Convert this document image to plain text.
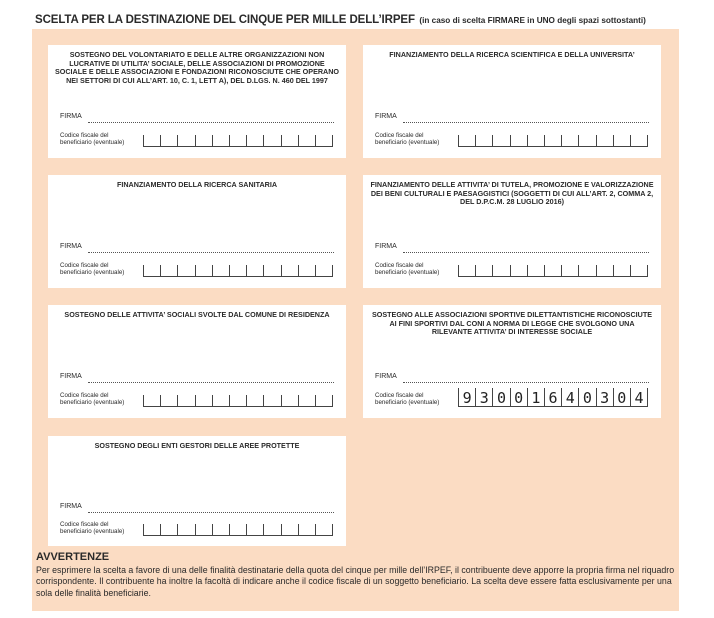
SCELTA PER LA DESTINAZIONE DEL CINQUE PER MILLE DELL’IRPEF (in caso di scelta FIRMARE in UNO degli spazi sottostanti)
SOSTEGNO DEL VOLONTARIATO E DELLE ALTRE ORGANIZZAZIONI NON LUCRATIVE DI UTILITA’ SOCIALE, DELLE ASSOCIAZIONI DI PROMOZIONE SOCIALE E DELLE ASSOCIAZIONI E FONDAZIONI RICONOSCIUTE CHE OPERANO NEI SETTORI DI CUI ALL’ART. 10, C. 1, LETT A), DEL D.LGS. N. 460 DEL 1997
FIRMA
Codice fiscale del beneficiario (eventuale)
FINANZIAMENTO DELLA RICERCA SCIENTIFICA E DELLA UNIVERSITA’
FIRMA
Codice fiscale del beneficiario (eventuale)
FINANZIAMENTO DELLA RICERCA SANITARIA
FIRMA
Codice fiscale del beneficiario (eventuale)
FINANZIAMENTO DELLE ATTIVITA’ DI TUTELA, PROMOZIONE E VALORIZZAZIONE DEI BENI CULTURALI E PAESAGGISTICI (SOGGETTI DI CUI ALL’ART. 2, COMMA 2, DEL D.P.C.M. 28 LUGLIO 2016)
FIRMA
Codice fiscale del beneficiario (eventuale)
SOSTEGNO DELLE ATTIVITA’ SOCIALI SVOLTE DAL COMUNE DI RESIDENZA
FIRMA
Codice fiscale del beneficiario (eventuale)
SOSTEGNO ALLE ASSOCIAZIONI SPORTIVE DILETTANTISTICHE RICONOSCIUTE AI FINI SPORTIVI DAL CONI A NORMA DI LEGGE CHE SVOLGONO UNA RILEVANTE ATTIVITA’ DI INTERESSE SOCIALE
FIRMA
Codice fiscale del beneficiario (eventuale)	9 3 0 0 1 6 4 0 3 0 4
SOSTEGNO DEGLI ENTI GESTORI DELLE AREE PROTETTE
FIRMA
Codice fiscale del beneficiario (eventuale)
AVVERTENZE
Per esprimere la scelta a favore di una delle finalità destinatarie della quota del cinque per mille dell’IRPEF, il contribuente deve apporre la propria firma nel riquadro corrispondente. Il contribuente ha inoltre la facoltà di indicare anche il codice fiscale di un soggetto beneficiario. La scelta deve essere fatta esclusivamente per una sola delle finalità beneficiarie.
